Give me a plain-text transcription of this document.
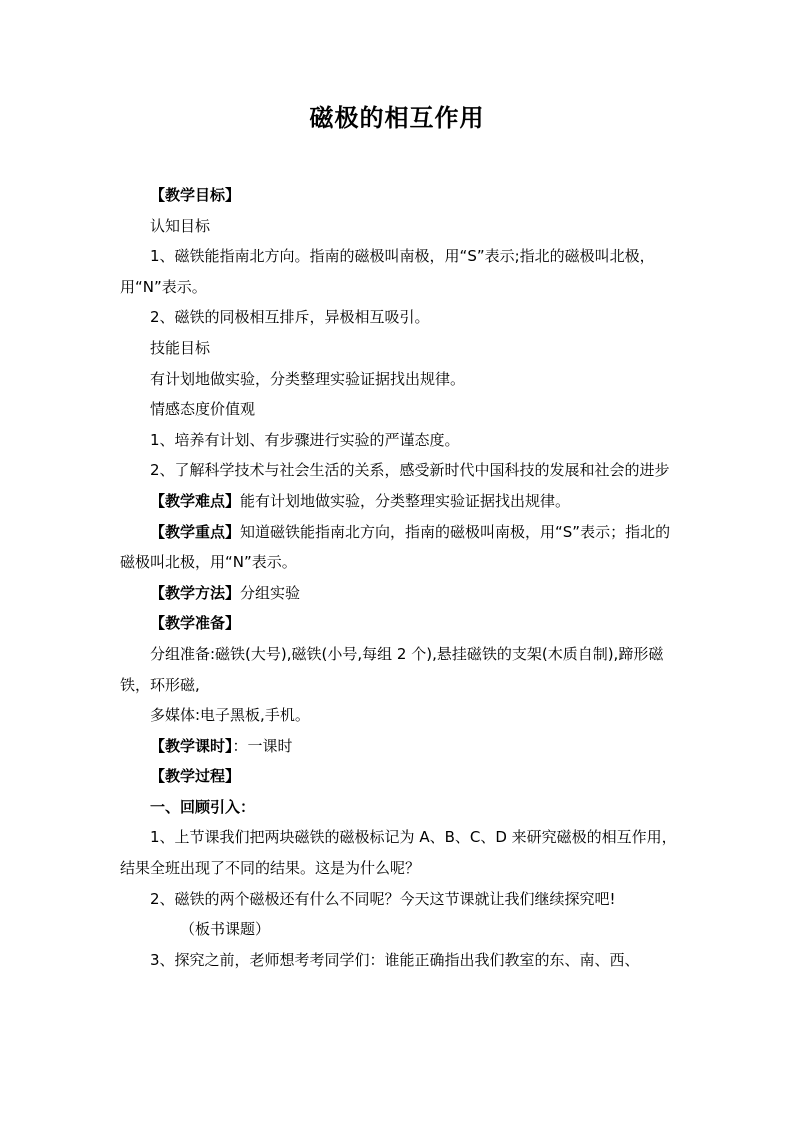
磁极的相互作用

【教学目标】

认知目标

1、磁铁能指南北方向。指南的磁极叫南极，用“S”表示;指北的磁极叫北极，用“N”表示。

2、磁铁的同极相互排斥，异极相互吸引。

技能目标

有计划地做实验，分类整理实验证据找出规律。

情感态度价值观

1、培养有计划、有步骤进行实验的严谨态度。

2、了解科学技术与社会生活的关系，感受新时代中国科技的发展和社会的进步

【教学难点】能有计划地做实验，分类整理实验证据找出规律。

【教学重点】知道磁铁能指南北方向，指南的磁极叫南极，用“S”表示；指北的磁极叫北极，用“N”表示。

【教学方法】分组实验

【教学准备】

分组准备:磁铁(大号),磁铁(小号,每组 2 个),悬挂磁铁的支架(木质自制),蹄形磁铁，环形磁,

多媒体:电子黑板,手机。

【教学课时】：一课时

【教学过程】

一、回顾引入：

1、上节课我们把两块磁铁的磁极标记为 A、B、C、D 来研究磁极的相互作用，结果全班出现了不同的结果。这是为什么呢？

2、磁铁的两个磁极还有什么不同呢？今天这节课就让我们继续探究吧!

（板书课题）

3、探究之前，老师想考考同学们：谁能正确指出我们教室的东、南、西、
